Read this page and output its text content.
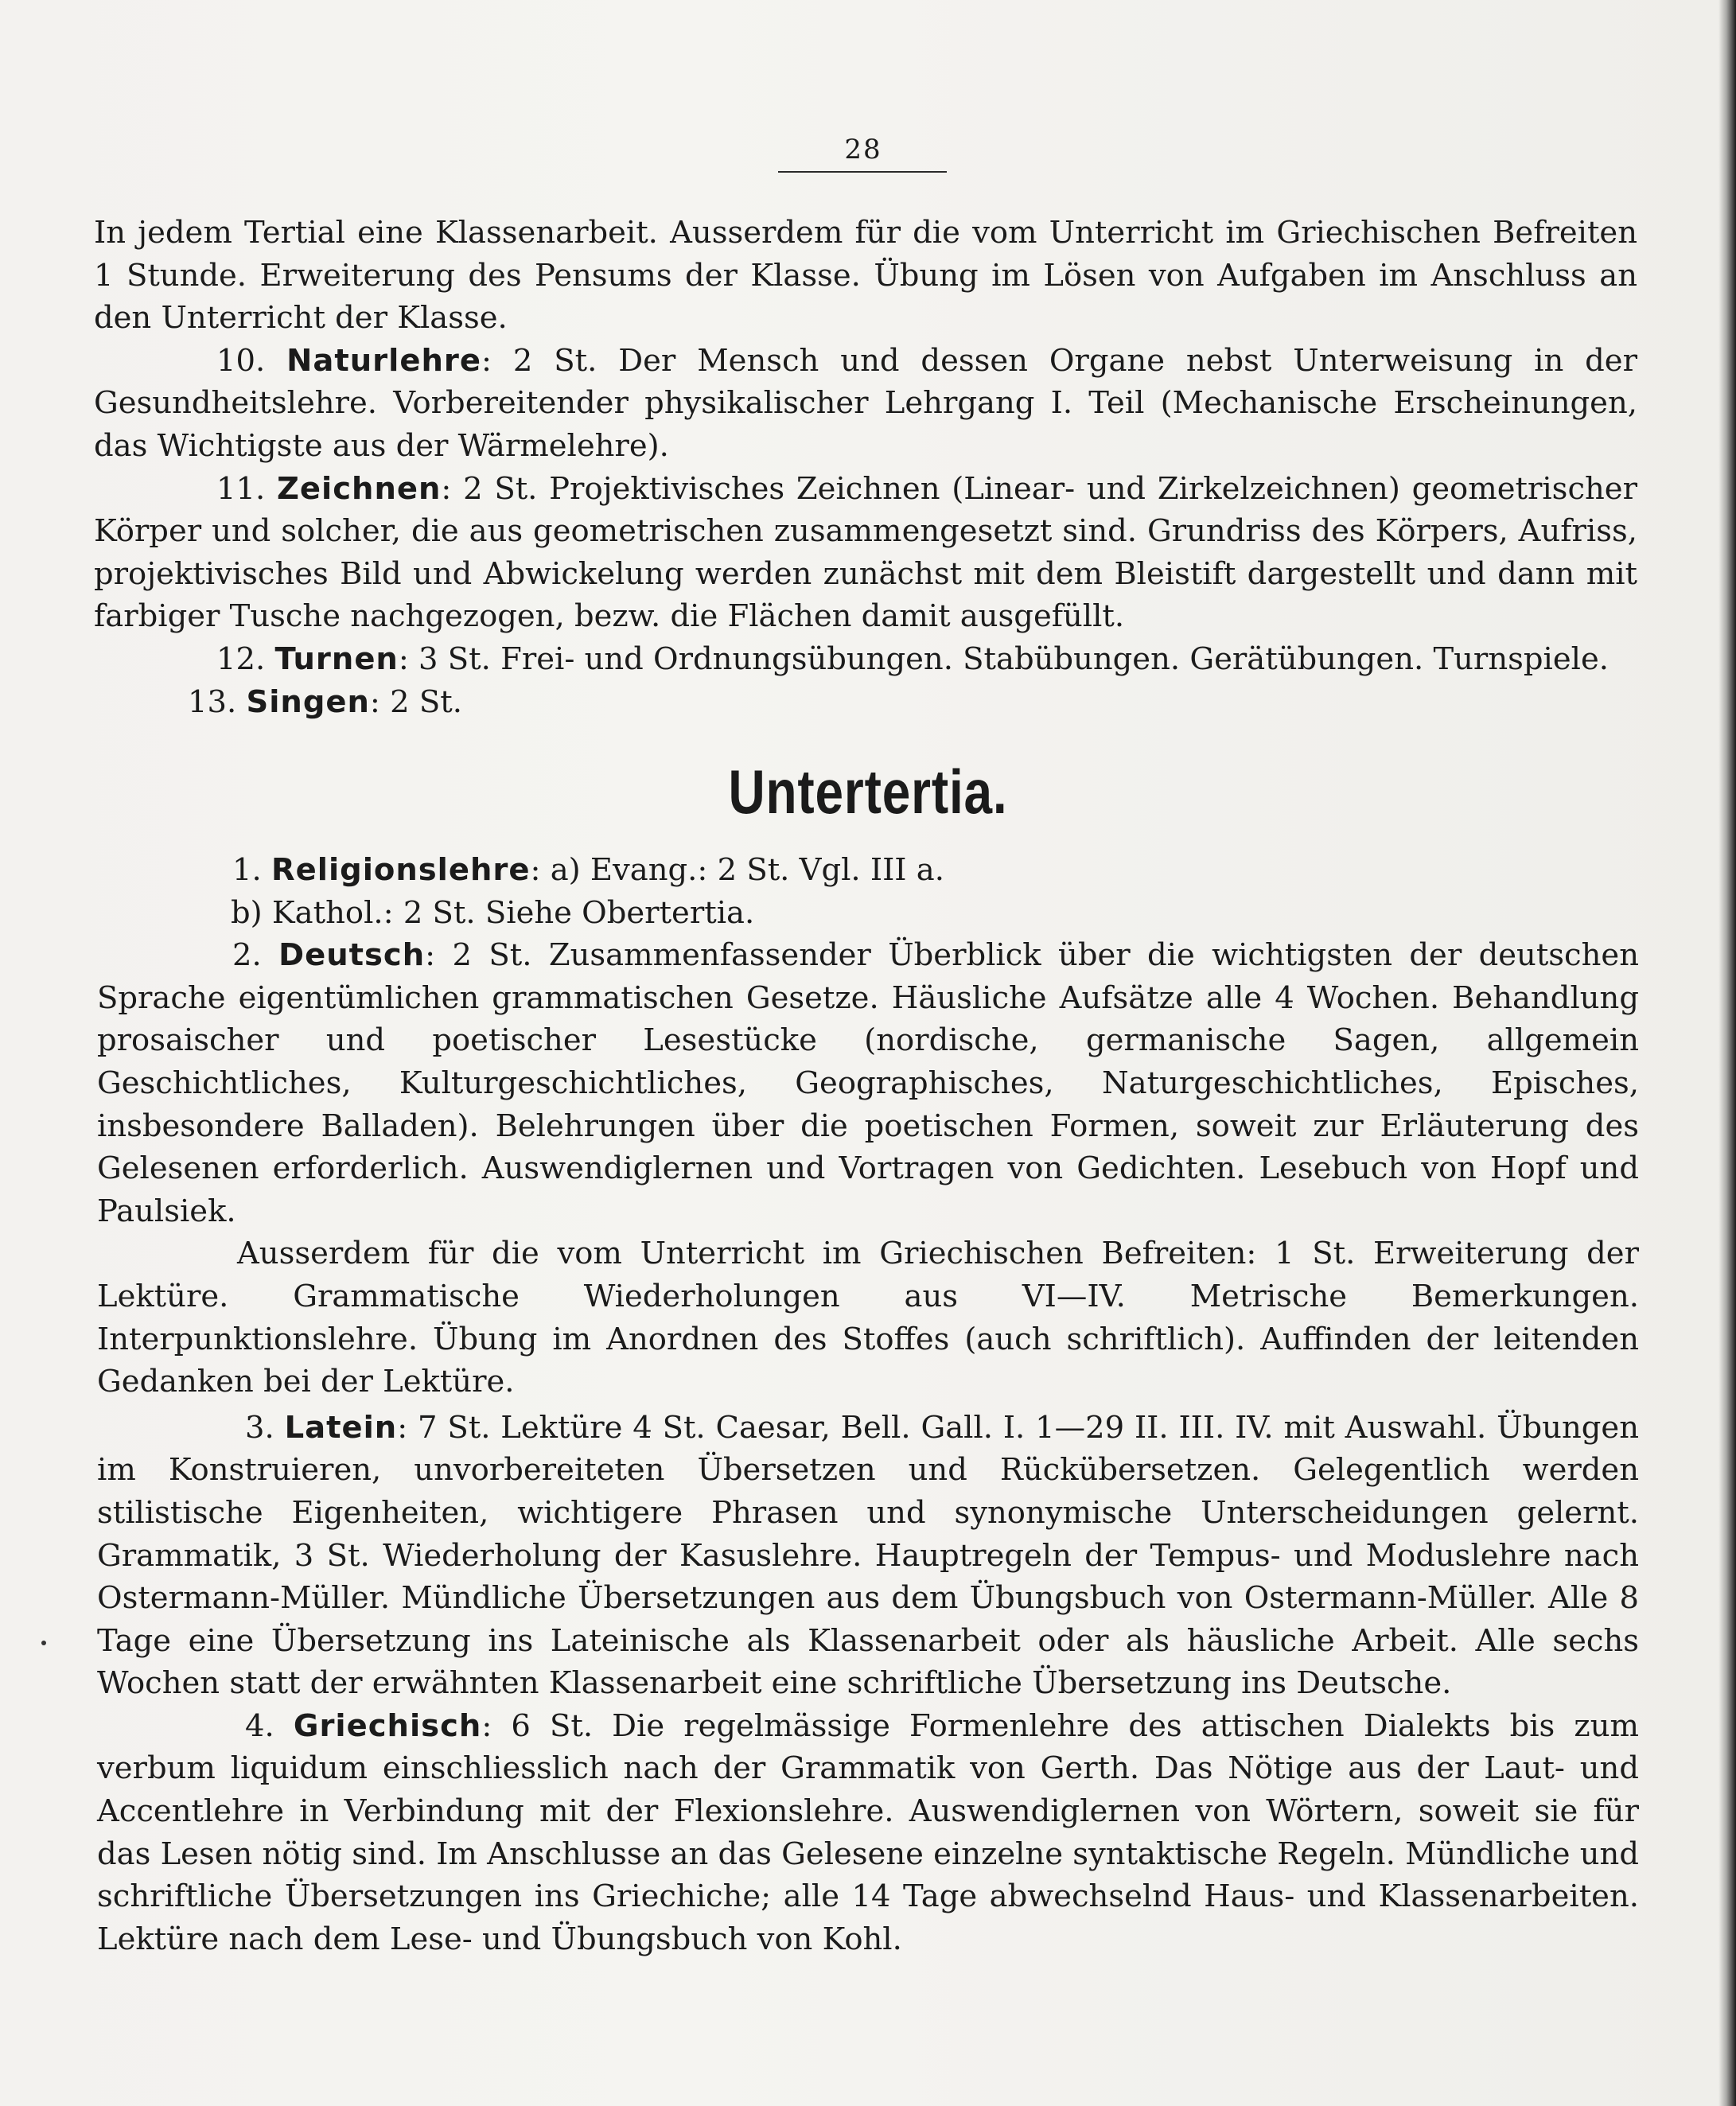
28

In jedem Tertial eine Klassenarbeit. Ausserdem für die vom Unterricht im Griechischen Befreiten 1 Stunde. Erweiterung des Pensums der Klasse. Übung im Lösen von Aufgaben im Anschluss an den Unterricht der Klasse.

10. Naturlehre: 2 St. Der Mensch und dessen Organe nebst Unterweisung in der Gesundheitslehre. Vorbereitender physikalischer Lehrgang I. Teil (Mechanische Erscheinungen, das Wichtigste aus der Wärmelehre).

11. Zeichnen: 2 St. Projektivisches Zeichnen (Linear- und Zirkelzeichnen) geometrischer Körper und solcher, die aus geometrischen zusammengesetzt sind. Grundriss des Körpers, Aufriss, projektivisches Bild und Abwickelung werden zunächst mit dem Bleistift dargestellt und dann mit farbiger Tusche nachgezogen, bezw. die Flächen damit ausgefüllt.

12. Turnen: 3 St. Frei- und Ordnungsübungen. Stabübungen. Gerätübungen. Turnspiele.

13. Singen: 2 St.

Untertertia.

1. Religionslehre: a) Evang.: 2 St. Vgl. III a.

b) Kathol.: 2 St. Siehe Obertertia.

2. Deutsch: 2 St. Zusammenfassender Überblick über die wichtigsten der deutschen Sprache eigentümlichen grammatischen Gesetze. Häusliche Aufsätze alle 4 Wochen. Behandlung prosaischer und poetischer Lesestücke (nordische, germanische Sagen, allgemein Geschichtliches, Kulturgeschichtliches, Geographisches, Naturgeschichtliches, Episches, insbesondere Balladen). Belehrungen über die poetischen Formen, soweit zur Erläuterung des Gelesenen erforderlich. Auswendiglernen und Vortragen von Gedichten. Lesebuch von Hopf und Paulsiek.

Ausserdem für die vom Unterricht im Griechischen Befreiten: 1 St. Erweiterung der Lektüre. Grammatische Wiederholungen aus VI—IV. Metrische Bemerkungen. Interpunktionslehre. Übung im Anordnen des Stoffes (auch schriftlich). Auffinden der leitenden Gedanken bei der Lektüre.

3. Latein: 7 St. Lektüre 4 St. Caesar, Bell. Gall. I. 1—29 II. III. IV. mit Auswahl. Übungen im Konstruieren, unvorbereiteten Übersetzen und Rückübersetzen. Gelegentlich werden stilistische Eigenheiten, wichtigere Phrasen und synonymische Unterscheidungen gelernt. Grammatik, 3 St. Wiederholung der Kasuslehre. Hauptregeln der Tempus- und Moduslehre nach Ostermann-Müller. Mündliche Übersetzungen aus dem Übungsbuch von Ostermann-Müller. Alle 8 Tage eine Übersetzung ins Lateinische als Klassenarbeit oder als häusliche Arbeit. Alle sechs Wochen statt der erwähnten Klassenarbeit eine schriftliche Übersetzung ins Deutsche.

4. Griechisch: 6 St. Die regelmässige Formenlehre des attischen Dialekts bis zum verbum liquidum einschliesslich nach der Grammatik von Gerth. Das Nötige aus der Laut- und Accentlehre in Verbindung mit der Flexionslehre. Auswendiglernen von Wörtern, soweit sie für das Lesen nötig sind. Im Anschlusse an das Gelesene einzelne syntaktische Regeln. Mündliche und schriftliche Übersetzungen ins Griechiche; alle 14 Tage abwechselnd Haus- und Klassenarbeiten. Lektüre nach dem Lese- und Übungsbuch von Kohl.
